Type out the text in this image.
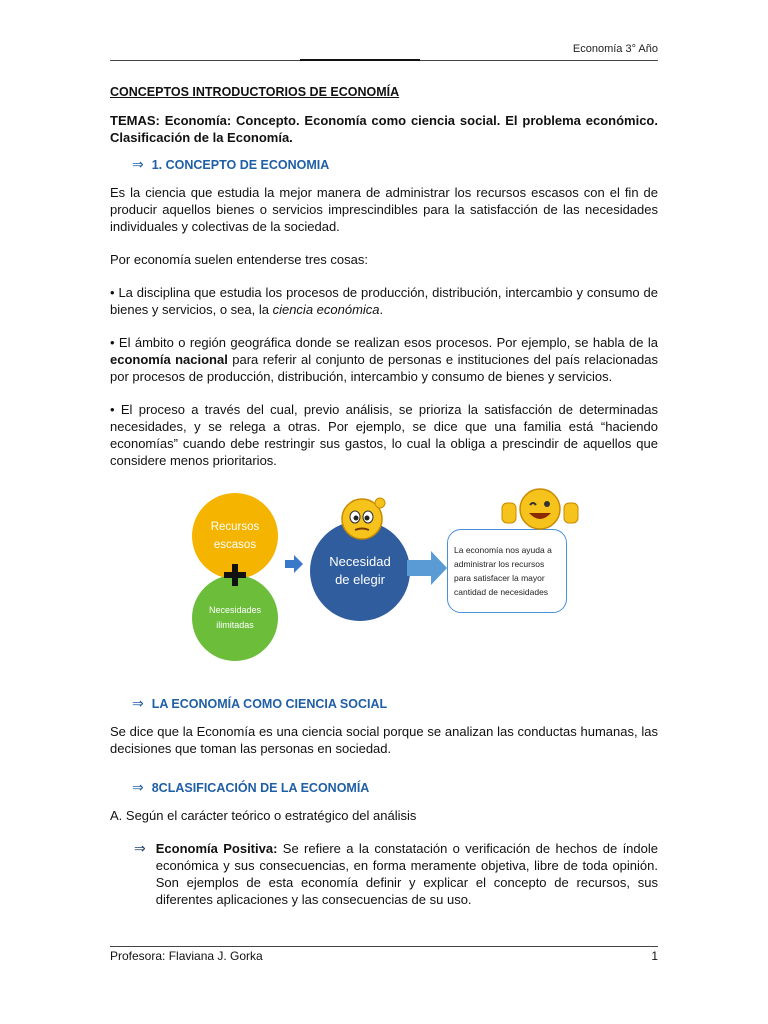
Economía 3° Año
CONCEPTOS INTRODUCTORIOS DE ECONOMÍA
TEMAS: Economía: Concepto. Economía como ciencia social. El problema económico. Clasificación de la Economía.
⇒ 1. CONCEPTO DE ECONOMIA

Es la ciencia que estudia la mejor manera de administrar los recursos escasos con el fin de producir aquellos bienes o servicios imprescindibles para la satisfacción de las necesidades individuales y colectivas de la sociedad.

Por economía suelen entenderse tres cosas:

• La disciplina que estudia los procesos de producción, distribución, intercambio y consumo de bienes y servicios, o sea, la ciencia económica.

• El ámbito o región geográfica donde se realizan esos procesos. Por ejemplo, se habla de la economía nacional para referir al conjunto de personas e instituciones del país relacionadas por procesos de producción, distribución, intercambio y consumo de bienes y servicios.

• El proceso a través del cual, previo análisis, se prioriza la satisfacción de determinadas necesidades, y se relega a otras. Por ejemplo, se dice que una familia está “haciendo economías” cuando debe restringir sus gastos, lo cual la obliga a prescindir de aquellos que considere menos prioritarios.

Recursos
escasos
Necesidades
ilimitadas
Necesidad
de elegir
La economía nos ayuda a administrar los recursos para satisfacer la mayor cantidad de necesidades
⇒ LA ECONOMÍA COMO CIENCIA SOCIAL

Se dice que la Economía es una ciencia social porque se analizan las conductas humanas, las decisiones que toman las personas en sociedad.

⇒ 8CLASIFICACIÓN DE LA ECONOMÍA

A. Según el carácter teórico o estratégico del análisis

⇒ Economía Positiva: Se refiere a la constatación o verificación de hechos de índole económica y sus consecuencias, en forma meramente objetiva, libre de toda opinión. Son ejemplos de esta economía definir y explicar el concepto de recursos, sus diferentes aplicaciones y las consecuencias de su uso.
Profesora: Flaviana J. Gorka	1
